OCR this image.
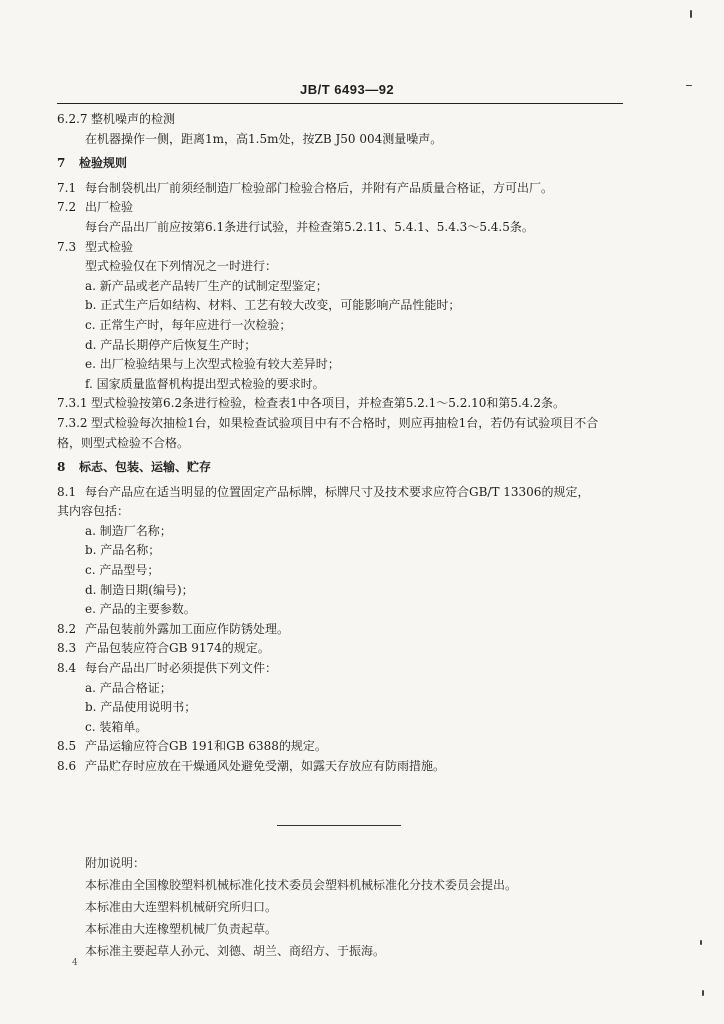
JB/T 6493—92
6.2.7 整机噪声的检测
在机器操作一侧，距离1m，高1.5m处，按ZB J50 004测量噪声。
7 检验规则
7.1 每台制袋机出厂前须经制造厂检验部门检验合格后，并附有产品质量合格证，方可出厂。
7.2 出厂检验
每台产品出厂前应按第6.1条进行试验，并检查第5.2.11、5.4.1、5.4.3～5.4.5条。
7.3 型式检验
型式检验仅在下列情况之一时进行：
a. 新产品或老产品转厂生产的试制定型鉴定；
b. 正式生产后如结构、材料、工艺有较大改变，可能影响产品性能时；
c. 正常生产时，每年应进行一次检验；
d. 产品长期停产后恢复生产时；
e. 出厂检验结果与上次型式检验有较大差异时；
f. 国家质量监督机构提出型式检验的要求时。
7.3.1 型式检验按第6.2条进行检验，检查表1中各项目，并检查第5.2.1～5.2.10和第5.4.2条。
7.3.2 型式检验每次抽检1台，如果检查试验项目中有不合格时，则应再抽检1台，若仍有试验项目不合
格，则型式检验不合格。
8 标志、包装、运输、贮存
8.1 每台产品应在适当明显的位置固定产品标牌，标牌尺寸及技术要求应符合GB/T 13306的规定，
其内容包括：
a. 制造厂名称；
b. 产品名称；
c. 产品型号；
d. 制造日期(编号)；
e. 产品的主要参数。
8.2 产品包装前外露加工面应作防锈处理。
8.3 产品包装应符合GB 9174的规定。
8.4 每台产品出厂时必须提供下列文件：
a. 产品合格证；
b. 产品使用说明书；
c. 装箱单。
8.5 产品运输应符合GB 191和GB 6388的规定。
8.6 产品贮存时应放在干燥通风处避免受潮，如露天存放应有防雨措施。
附加说明：
本标准由全国橡胶塑料机械标准化技术委员会塑料机械标准化分技术委员会提出。
本标准由大连塑料机械研究所归口。
本标准由大连橡塑机械厂负责起草。
本标准主要起草人孙元、刘德、胡兰、商绍方、于振海。
4
